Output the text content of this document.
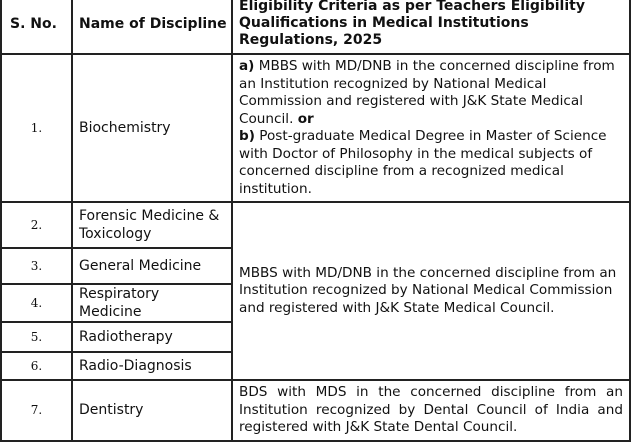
S. No.	Name of Discipline	Eligibility Criteria as per Teachers Eligibility Qualifications in Medical Institutions Regulations, 2025
1.	Biochemistry	a) MBBS with MD/DNB in the concerned discipline from an Institution recognized by National Medical Commission and registered with J&K State Medical Council. or
b) Post-graduate Medical Degree in Master of Science with Doctor of Philosophy in the medical subjects of concerned discipline from a recognized medical institution.
2.	Forensic Medicine & Toxicology	MBBS with MD/DNB in the concerned discipline from an Institution recognized by National Medical Commission and registered with J&K State Medical Council.
3.	General Medicine	
4.	Respiratory Medicine	
5.	Radiotherapy	
6.	Radio-Diagnosis	
7.	Dentistry	BDS with MDS in the concerned discipline from an Institution recognized by Dental Council of India and registered with J&K State Dental Council.
